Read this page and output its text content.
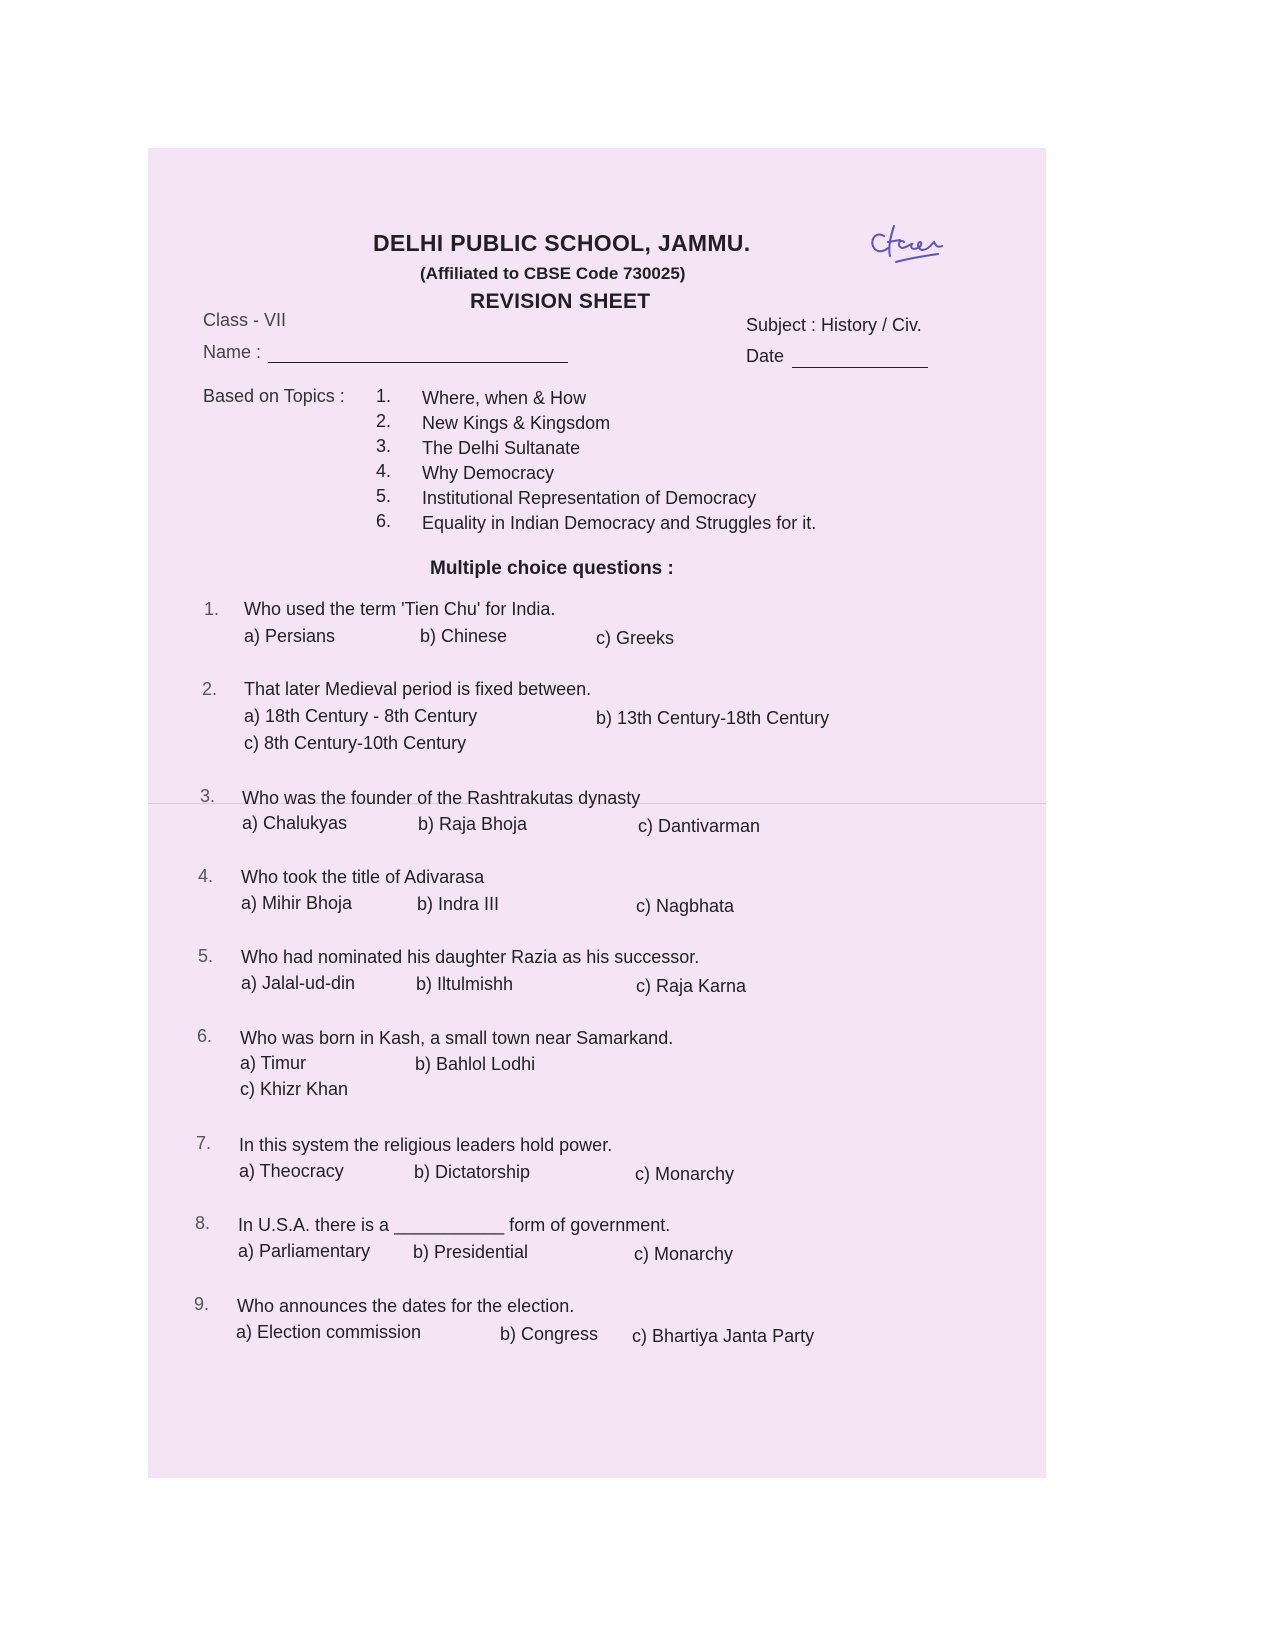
DELHI PUBLIC SCHOOL, JAMMU.
(Affiliated to CBSE Code 730025)
REVISION SHEET
Class - VII
Name :
Subject : History / Civ.
Date
Based on Topics : 1. Where, when & How
2. New Kings & Kingsdom
3. The Delhi Sultanate
4. Why Democracy
5. Institutional Representation of Democracy
6. Equality in Indian Democracy and Struggles for it.
Multiple choice questions :
1. Who used the term 'Tien Chu' for India.
a) Persians	b) Chinese	c) Greeks
2. That later Medieval period is fixed between.
a) 18th Century - 8th Century	b) 13th Century-18th Century
c) 8th Century-10th Century
3. Who was the founder of the Rashtrakutas dynasty
a) Chalukyas	b) Raja Bhoja	c) Dantivarman
4. Who took the title of Adivarasa
a) Mihir Bhoja	b) Indra III	c) Nagbhata
5. Who had nominated his daughter Razia as his successor.
a) Jalal-ud-din	b) Iltulmishh	c) Raja Karna
6. Who was born in Kash, a small town near Samarkand.
a) Timur	b) Bahlol Lodhi
c) Khizr Khan
7. In this system the religious leaders hold power.
a) Theocracy	b) Dictatorship	c) Monarchy
8. In U.S.A. there is a ___________ form of government.
a) Parliamentary b) Presidential	c) Monarchy
9. Who announces the dates for the election.
a) Election commission	b) Congress c) Bhartiya Janta Party
